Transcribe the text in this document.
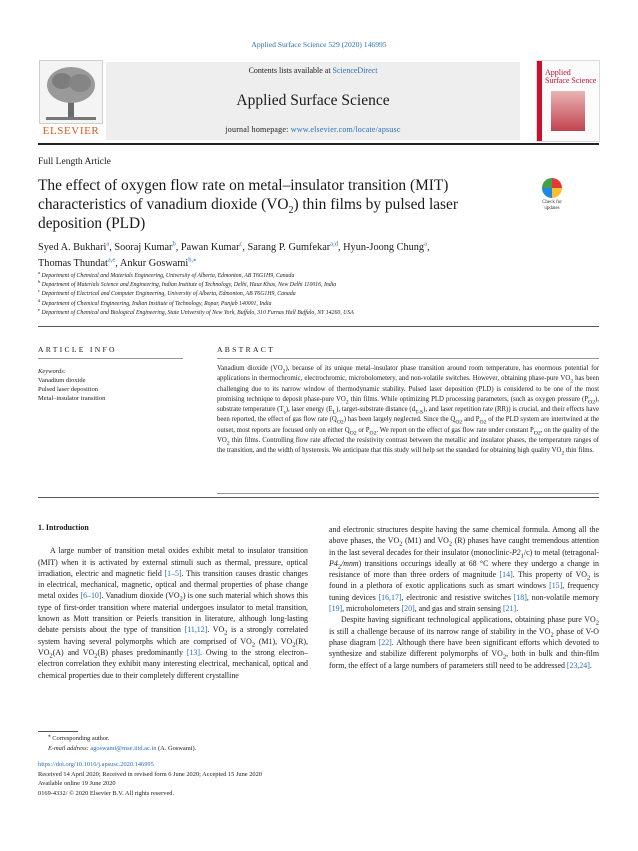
Applied Surface Science 529 (2020) 146995
ELSEVIER
Contents lists available at ScienceDirect
Applied Surface Science
journal homepage: www.elsevier.com/locate/apsusc
Applied
Surface Science
Full Length Article
The effect of oxygen flow rate on metal–insulator transition (MIT) characteristics of vanadium dioxide $(VO_2)$ thin films by pulsed laser deposition (PLD)
Check for
updates
Syed A. Bukhari$^a$, Sooraj Kumar$^b$, Pawan Kumar$^c$, Sarang P. Gumfekar$^{a,d}$, Hyun-Joong Chung$^a$,
Thomas Thundat$^{a,e}$, Ankur Goswami$^{b,⁎}$
$^a$ Department of Chemical and Materials Engineering, University of Alberta, Edmonton, AB T6G1H9, Canada
$^b$ Department of Materials Science and Engineering, Indian Institute of Technology, Delhi, Hauz Khas, New Delhi 110016, India
$^c$ Department of Electrical and Computer Engineering, University of Alberta, Edmonton, AB T6G1H9, Canada
$^d$ Department of Chemical Engineering, Indian Institute of Technology, Ropar, Punjab 140001, India
$^e$ Department of Chemical and Biological Engineering, State University of New York, Buffalo, 310 Furnas Hall Buffalo, NY 14260, USA
ARTICLE INFO
Keywords:
Vanadium dioxide
Pulsed laser deposition
Metal–insulator transition
ABSTRACT
Vanadium dioxide $(VO_2)$, because of its unique metal–insulator phase transition around room temperature, has enormous potential for applications in thermochromic, electrochromic, microbolometery, and non-volatile switches. However, obtaining phase-pure $VO_2$ has been challenging due to its narrow window of thermodynamic stability. Pulsed laser deposition (PLD) is considered to be one of the most promising technique to deposit phase-pure $VO_2$ thin films. While optimizing PLD processing parameters, (such as oxygen pressure $(P_{O2})$, substrate temperature $(T_s)$, laser energy $(E_L)$, target-substrate distance $(d_{T-S})$, and laser repetition rate (RR)) is crucial, and their effects have been reported, the effect of gas flow rate $(Q_{O2})$ has been largely neglected. Since the $Q_{O2}$ and $P_{O2}$ of the PLD system are intertwined at the outset, most reports are focused only on either $Q_{O2}$ or $P_{O2}$. We report on the effect of gas flow rate under constant $P_{O2}$, on the quality of the $VO_2$ thin films. Controlling flow rate affected the resistivity contrast between the metallic and insulator phases, the temperature ranges of the transition, and the width of hysteresis. We anticipate that this study will help set the standard for obtaining high quality $VO_2$ thin films.
1. Introduction

A large number of transition metal oxides exhibit metal to insulator transition (MIT) when it is activated by external stimuli such as thermal, pressure, optical irradiation, electric and magnetic field [1–5]. This transition causes drastic changes in electrical, mechanical, magnetic, optical and thermal properties of phase change metal oxides [6–10]. Vanadium dioxide $(VO_2)$ is one such material which shows this type of first-order transition where material undergoes insulator to metal transition, known as Mott transition or Peierls transition in literature, although long-lasting debate persists about the type of transition [11,12]. $VO_2$ is a strongly correlated system having several polymorphs which are comprised of $VO_2$ (M1), $VO_2(R)$, $VO_2(A)$ and $VO_2(B)$ phases predominantly [13]. Owing to the strong electron–electron correlation they exhibit many interesting electrical, mechanical, optical and chemical properties due to their completely different crystalline

and electronic structures despite having the same chemical formula. Among all the above phases, the $VO_2$ (M1) and $VO_2$ (R) phases have caught tremendous attention in the last several decades for their insulator $(monoclinic-P2_1/c)$ to metal $(tetragonal-P4_2/mnm)$ transitions occurings ideally at 68 °C where they undergo a change in resistance of more than three orders of magnitude [14]. This property of $VO_2$ is found in a plethora of exotic applications such as smart windows [15], frequency tuning devices [16,17], electronic and resistive switches [18], non-volatile memory [19], microbolometers [20], and gas and strain sensing [21].

Despite having significant technological applications, obtaining phase pure $VO_2$ is still a challenge because of its narrow range of stability in the $VO_2$ phase of V-O phase diagram [22]. Although there have been significant efforts which devoted to synthesize and stabilize different polymorphs of $VO_2$, both in bulk and thin-film form, the effect of a large numbers of parameters still need to be addressed [23,24].

⁎ Corresponding author.
E-mail address: agoswami@mse.iitd.ac.in (A. Goswami).
https://doi.org/10.1016/j.apsusc.2020.146995
Received 14 April 2020; Received in revised form 6 June 2020; Accepted 15 June 2020
Available online 19 June 2020
0169-4332/ © 2020 Elsevier B.V. All rights reserved.
